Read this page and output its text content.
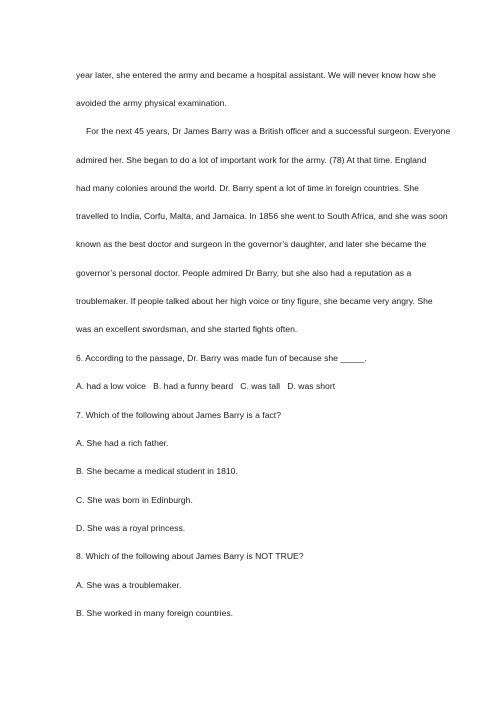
year later, she entered the army and became a hospital assistant. We will never know how she
avoided the army physical examination.
For the next 45 years, Dr James Barry was a British officer and a successful surgeon. Everyone
admired her. She began to do a lot of important work for the army. (78) At that time. England
had many colonies around the world. Dr. Barry spent a lot of time in foreign countries. She
travelled to India, Corfu, Malta, and Jamaica. In 1856 she went to South Africa, and she was soon
known as the best doctor and surgeon in the governor’s daughter, and later she became the
governor’s personal doctor. People admired Dr Barry, but she also had a reputation as a
troublemaker. If people talked about her high voice or tiny figure, she became very angry. She
was an excellent swordsman, and she started fights often.
6. According to the passage, Dr. Barry was made fun of because she _____.
A. had a low voice   B. had a funny beard   C. was tall   D. was short
7. Which of the following about James Barry is a fact?
A. She had a rich father.
B. She became a medical student in 1810.
C. She was born in Edinburgh.
D. She was a royal princess.
8. Which of the following about James Barry is NOT TRUE?
A. She was a troublemaker.
B. She worked in many foreign countries.
